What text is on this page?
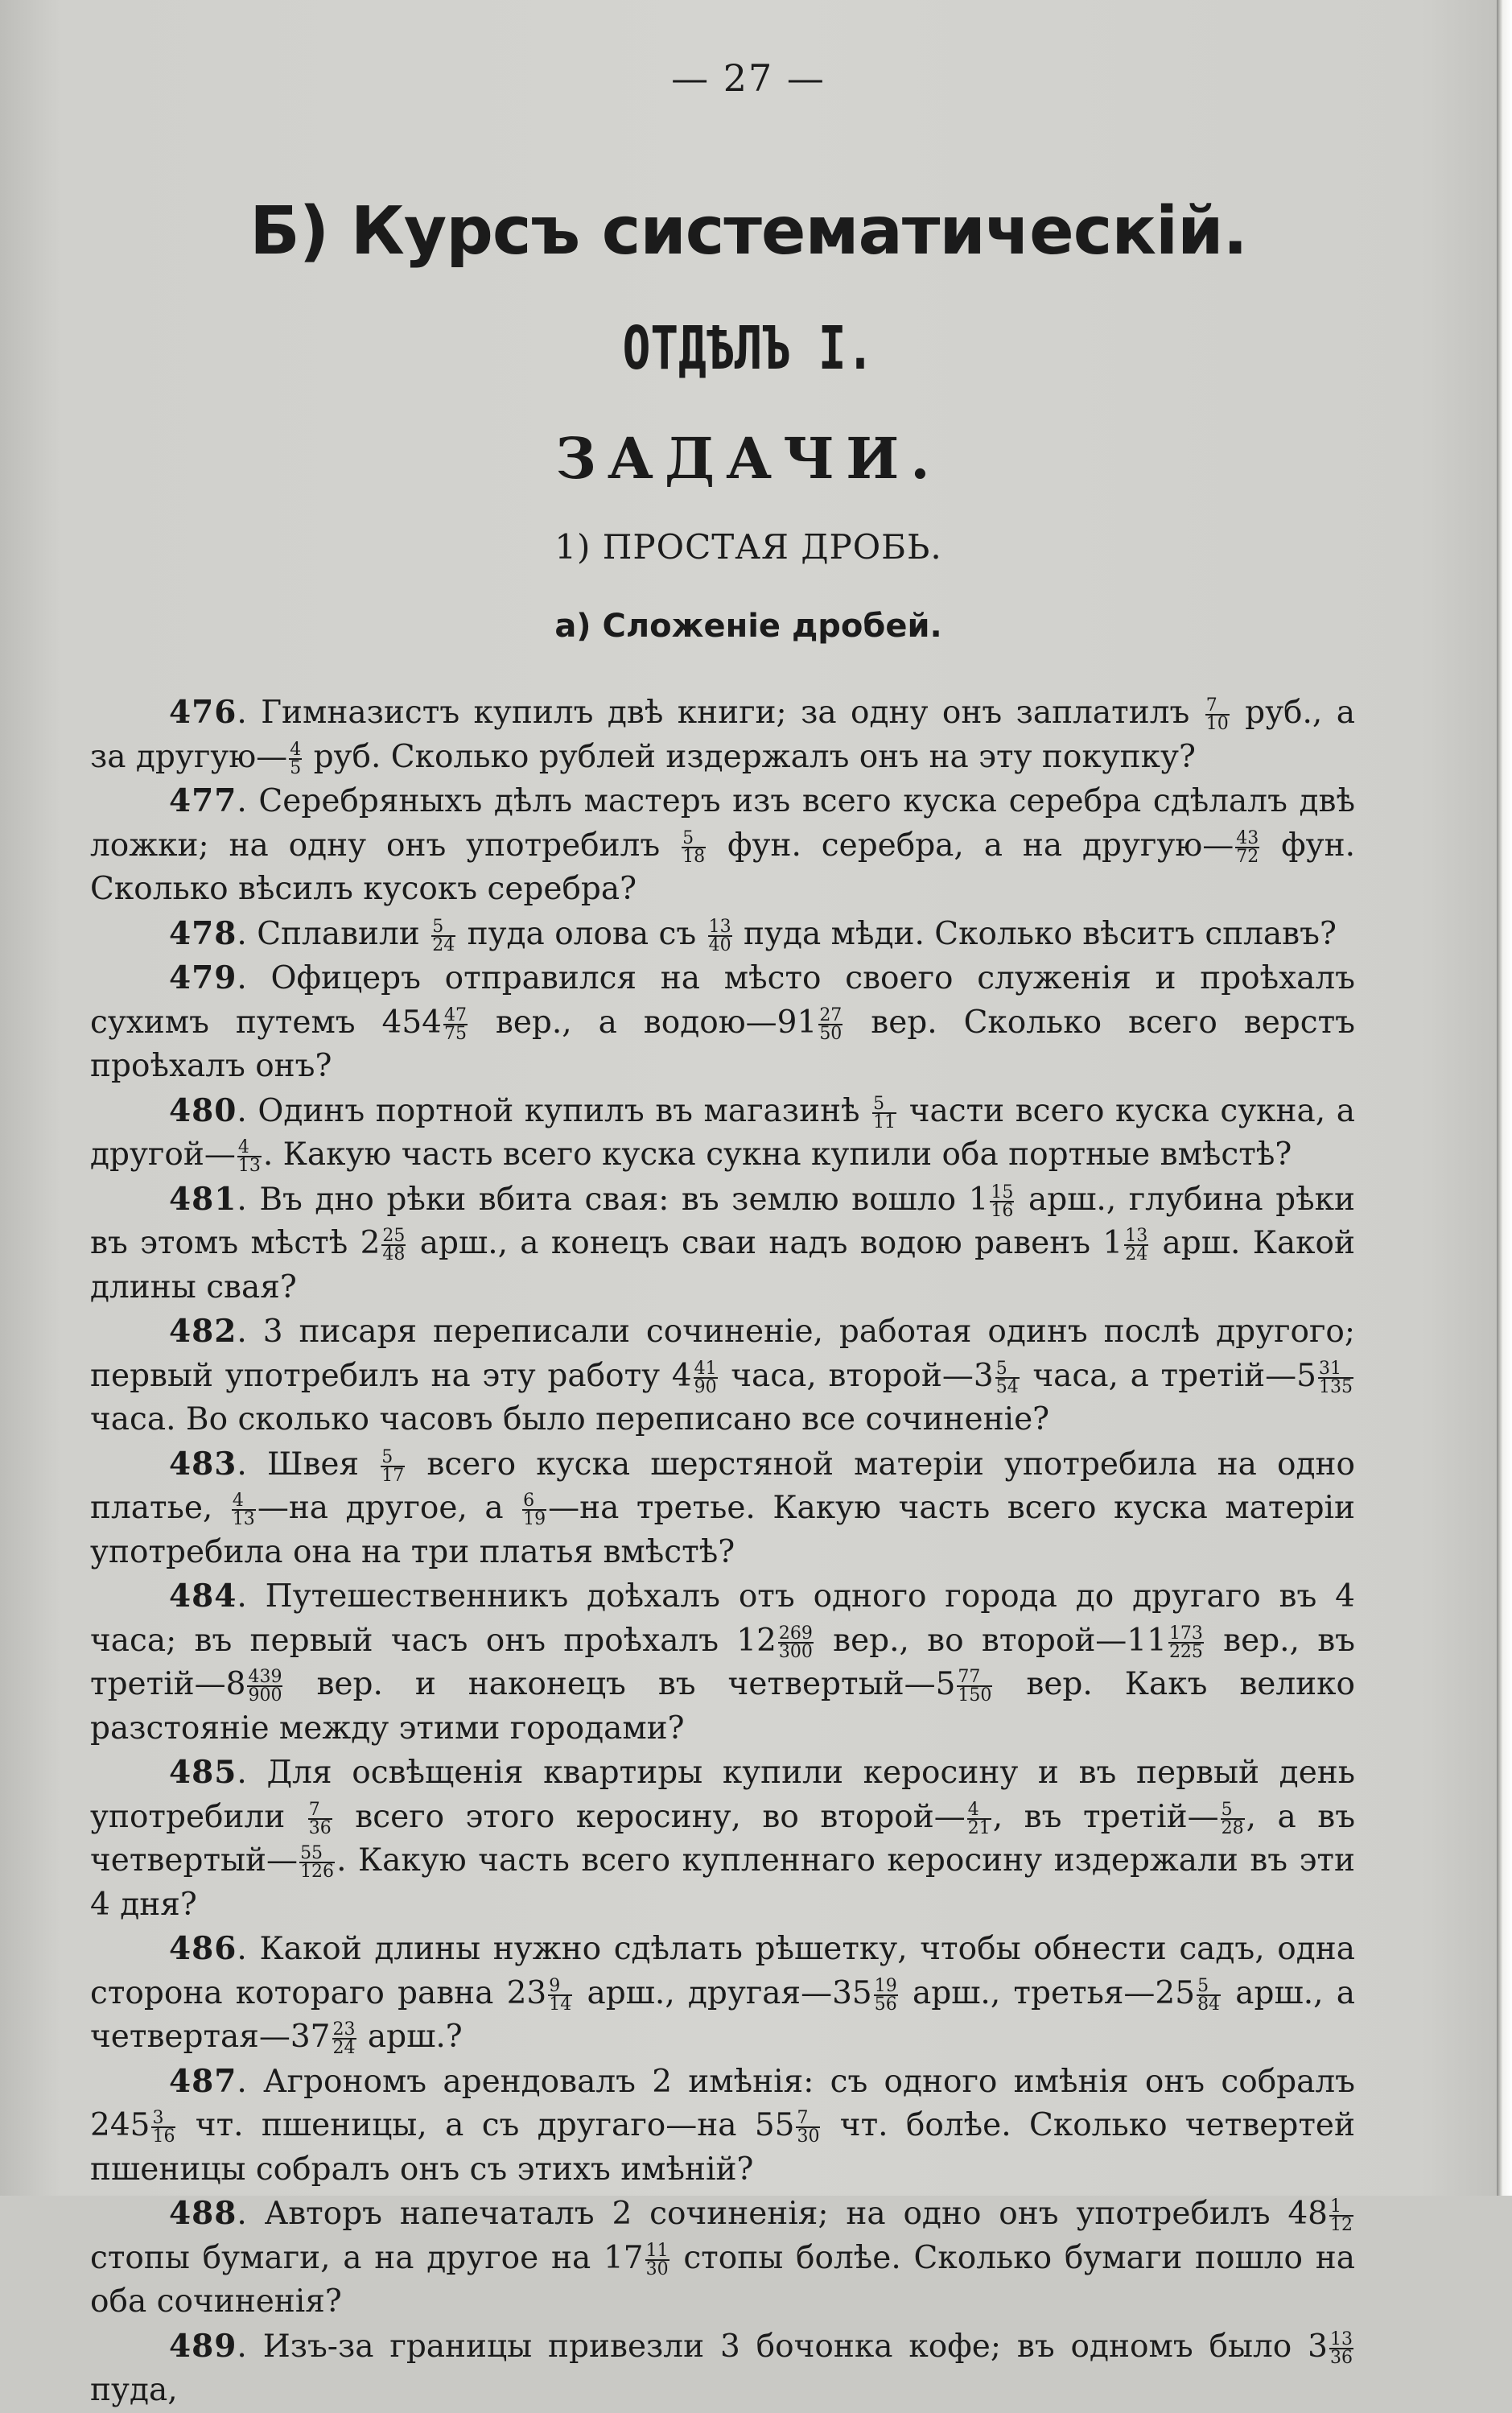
— 27 —
Б) Курсъ систематическій.
ОТДѢЛЪ I.
ЗАДАЧИ.
1) ПРОСТАЯ ДРОБЬ.
а) Сложеніе дробей.

476. Гимназистъ купилъ двѣ книги; за одну онъ заплатилъ $\frac{7}{10}$ руб., а за другую— $\frac{4}{5}$ руб. Сколько рублей издержалъ онъ на эту покупку?

477. Серебряныхъ дѣлъ мастеръ изъ всего куска серебра сдѣлалъ двѣ ложки; на одну онъ употребилъ $\frac{5}{18}$ фун. серебра, а на другую— $\frac{43}{72}$ фун. Сколько вѣсилъ кусокъ серебра?

478. Сплавили $\frac{5}{24}$ пуда олова съ $\frac{13}{40}$ пуда мѣди. Сколько вѣситъ сплавъ?

479. Офицеръ отправился на мѣсто своего служенія и проѣхалъ сухимъ путемъ $454 \frac{47}{75}$ вер., а водою—91 $\frac{27}{50}$ вер. Сколько всего верстъ проѣхалъ онъ?

480. Одинъ портной купилъ въ магазинѣ $\frac{5}{11}$ части всего куска сукна, а другой— $\frac{4}{13}$ . Какую часть всего куска сукна купили оба портные вмѣстѣ?

481. Въ дно рѣки вбита свая: въ землю вошло $1 \frac{15}{16}$ арш., глубина рѣки въ этомъ мѣстѣ $2 \frac{25}{48}$ арш., а конецъ сваи надъ водою равенъ $1 \frac{13}{24}$ арш. Какой длины свая?

482. 3 писаря переписали сочиненіе, работая одинъ послѣ другого; первый употребилъ на эту работу $4 \frac{41}{90}$ часа, второй—3 $\frac{5}{54}$ часа, а третій—5 $\frac{31}{135}$
часа. Во сколько часовъ было переписано все сочиненіе?

483. Швея $\frac{5}{17}$ всего куска шерстяной матеріи употребила на одно платье, $\frac{4}{13}$ —на другое, а $\frac{6}{19}$ —на третье. Какую часть всего куска матеріи употребила она на три платья вмѣстѣ?

484. Путешественникъ доѣхалъ отъ одного города до другаго въ 4 часа; въ первый часъ онъ проѣхалъ $12 \frac{269}{300}$ вер., во второй—11 $\frac{173}{225}$ вер., въ третій—8 $\frac{439}{900}$ вер. и наконецъ въ четвертый—5 $\frac{77}{150}$ вер. Какъ велико разстояніе между этими городами?

485. Для освѣщенія квартиры купили керосину и въ первый день употребили $\frac{7}{36}$ всего этого керосину, во второй— $\frac{4}{21}$ , въ третій— $\frac{5}{28}$ , а въ четвертый— $\frac{55}{126}$ . Какую часть всего купленнаго керосину издержали въ эти 4 дня?

486. Какой длины нужно сдѣлать рѣшетку, чтобы обнести садъ, одна сторона котораго равна $23 \frac{9}{14}$ арш., другая—35 $\frac{19}{56}$ арш., третья—25 $\frac{5}{84}$ арш., а четвертая—37 $\frac{23}{24}$ арш.?

487. Агрономъ арендовалъ 2 имѣнія: съ одного имѣнія онъ собралъ $245 \frac{3}{16}$ чт. пшеницы, а съ другаго—на $55 \frac{7}{30}$ чт. болѣе. Сколько четвертей пшеницы собралъ онъ съ этихъ имѣній?

488. Авторъ напечаталъ 2 сочиненія; на одно онъ употребилъ $48 \frac{1}{12}$
стопы бумаги, а на другое на $17 \frac{11}{30}$ стопы болѣе. Сколько бумаги пошло на оба сочиненія?

489. Изъ-за границы привезли 3 бочонка кофе; въ одномъ было $3 \frac{13}{36}$
пуда,
